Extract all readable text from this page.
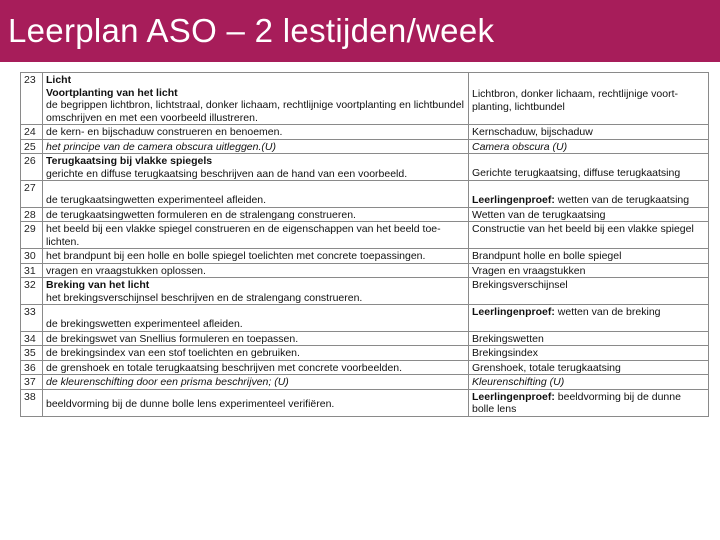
Leerplan ASO – 2 lestijden/week
23	Licht
Voortplanting van het licht
de begrippen lichtbron, lichtstraal, donker lichaam, rechtlijnige voortplanting en lichtbundel omschrijven en met een voorbeeld illustreren.	Lichtbron, donker lichaam, rechtlijnige voortplanting, lichtbundel
24	de kern- en bijschaduw construeren en benoemen.	Kernschaduw, bijschaduw
25	het principe van de camera obscura uitleggen.(U)	Camera obscura (U)
26	Terugkaatsing bij vlakke spiegels
gerichte en diffuse terugkaatsing beschrijven aan de hand van een voorbeeld.	Gerichte terugkaatsing, diffuse terugkaatsing
27	de terugkaatsingwetten experimenteel afleiden.	Leerlingenproef: wetten van de terugkaatsing
28	de terugkaatsingwetten formuleren en de stralengang construeren.	Wetten van de terugkaatsing
29	het beeld bij een vlakke spiegel construeren en de eigenschappen van het beeld toelichten.	Constructie van het beeld bij een vlakke spiegel
30	het brandpunt bij een holle en bolle spiegel toelichten met concrete toepassingen.	Brandpunt holle en bolle spiegel
31	vragen en vraagstukken oplossen.	Vragen en vraagstukken
32	Breking van het licht
het brekingsverschijnsel beschrijven en de stralengang construeren.	Brekingsverschijnsel
33	de brekingswetten experimenteel afleiden.	Leerlingenproef: wetten van de breking
34	de brekingswet van Snellius formuleren en toepassen.	Brekingswetten
35	de brekingsindex van een stof toelichten en gebruiken.	Brekingsindex
36	de grenshoek en totale terugkaatsing beschrijven met concrete voorbeelden.	Grenshoek, totale terugkaatsing
37	de kleurenschifting door een prisma beschrijven; (U)	Kleurenschifting (U)
38	beeldvorming bij de dunne bolle lens experimenteel verifiëren.	Leerlingenproef: beeldvorming bij de dunne bolle lens
